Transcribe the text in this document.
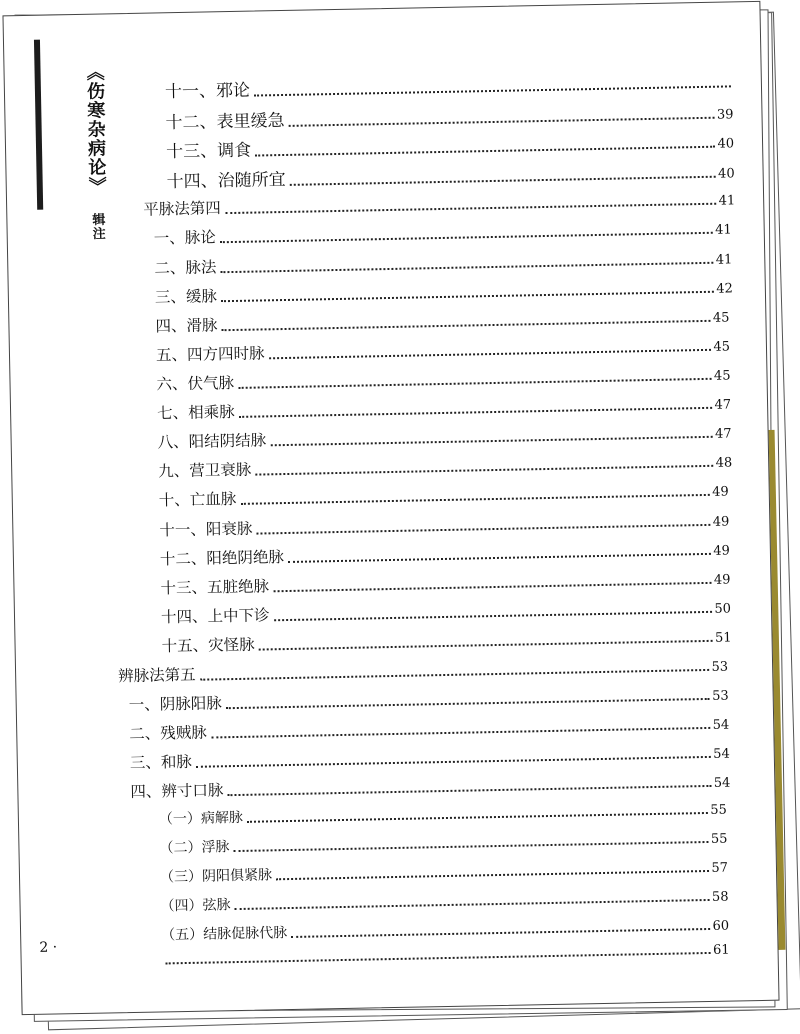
《伤寒杂病论》 辑注
十一、邪论
十二、表里缓急	39
十三、调食	40
十四、治随所宜	40
平脉法第四	41
一、脉论	41
二、脉法	41
三、缓脉	42
四、滑脉	45
五、四方四时脉	45
六、伏气脉	45
七、相乘脉	47
八、阳结阴结脉	47
九、营卫衰脉	48
十、亡血脉	49
十一、阳衰脉	49
十二、阳绝阴绝脉	49
十三、五脏绝脉	49
十四、上中下诊	50
十五、灾怪脉	51
辨脉法第五	53
一、阴脉阳脉	53
二、残贼脉	54
三、和脉	54
四、辨寸口脉	54
（一）病解脉	55
（二）浮脉	55
（三）阴阳俱紧脉	57
（四）弦脉	58
（五）结脉促脉代脉	60
61
2 ·
